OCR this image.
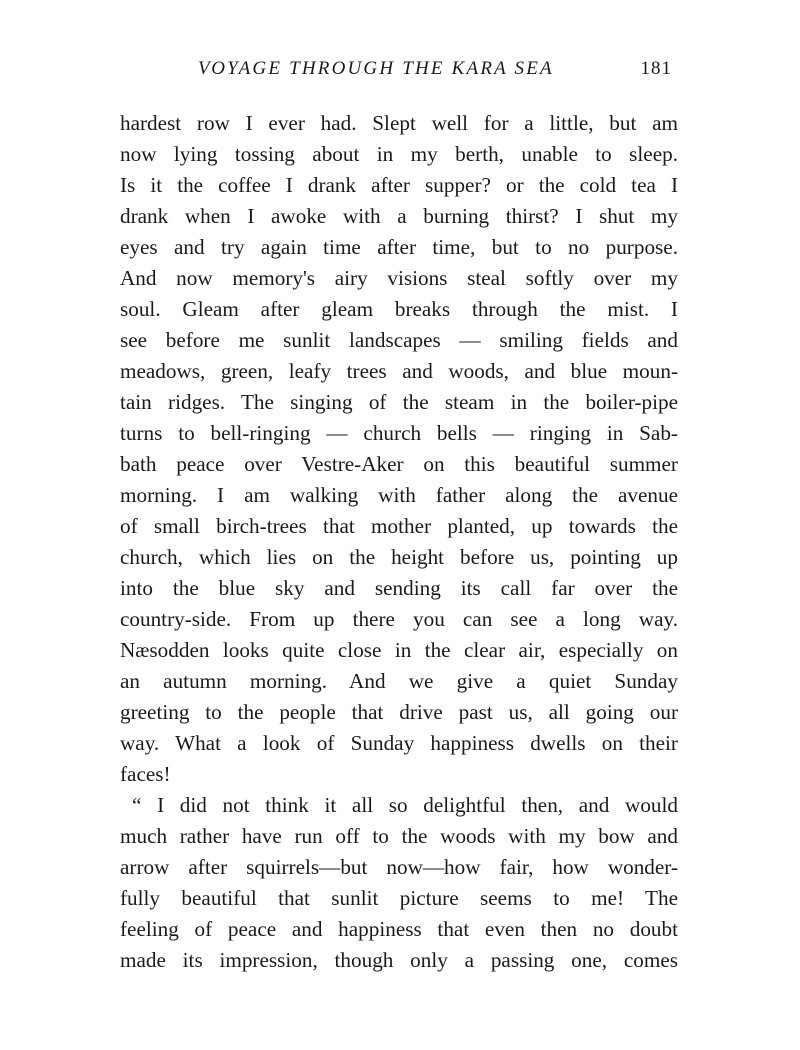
VOYAGE THROUGH THE KARA SEA	181
hardest row I ever had. Slept well for a little, but am
now lying tossing about in my berth, unable to sleep.
Is it the coffee I drank after supper? or the cold tea I
drank when I awoke with a burning thirst? I shut my
eyes and try again time after time, but to no purpose.
And now memory's airy visions steal softly over my
soul. Gleam after gleam breaks through the mist. I
see before me sunlit landscapes — smiling fields and
meadows, green, leafy trees and woods, and blue moun-
tain ridges. The singing of the steam in the boiler-pipe
turns to bell-ringing — church bells — ringing in Sab-
bath peace over Vestre-Aker on this beautiful summer
morning. I am walking with father along the avenue
of small birch-trees that mother planted, up towards the
church, which lies on the height before us, pointing up
into the blue sky and sending its call far over the
country-side. From up there you can see a long way.
Næsodden looks quite close in the clear air, especially on
an autumn morning. And we give a quiet Sunday
greeting to the people that drive past us, all going our
way. What a look of Sunday happiness dwells on their
faces!
“ I did not think it all so delightful then, and would
much rather have run off to the woods with my bow and
arrow after squirrels—but now—how fair, how wonder-
fully beautiful that sunlit picture seems to me! The
feeling of peace and happiness that even then no doubt
made its impression, though only a passing one, comes
